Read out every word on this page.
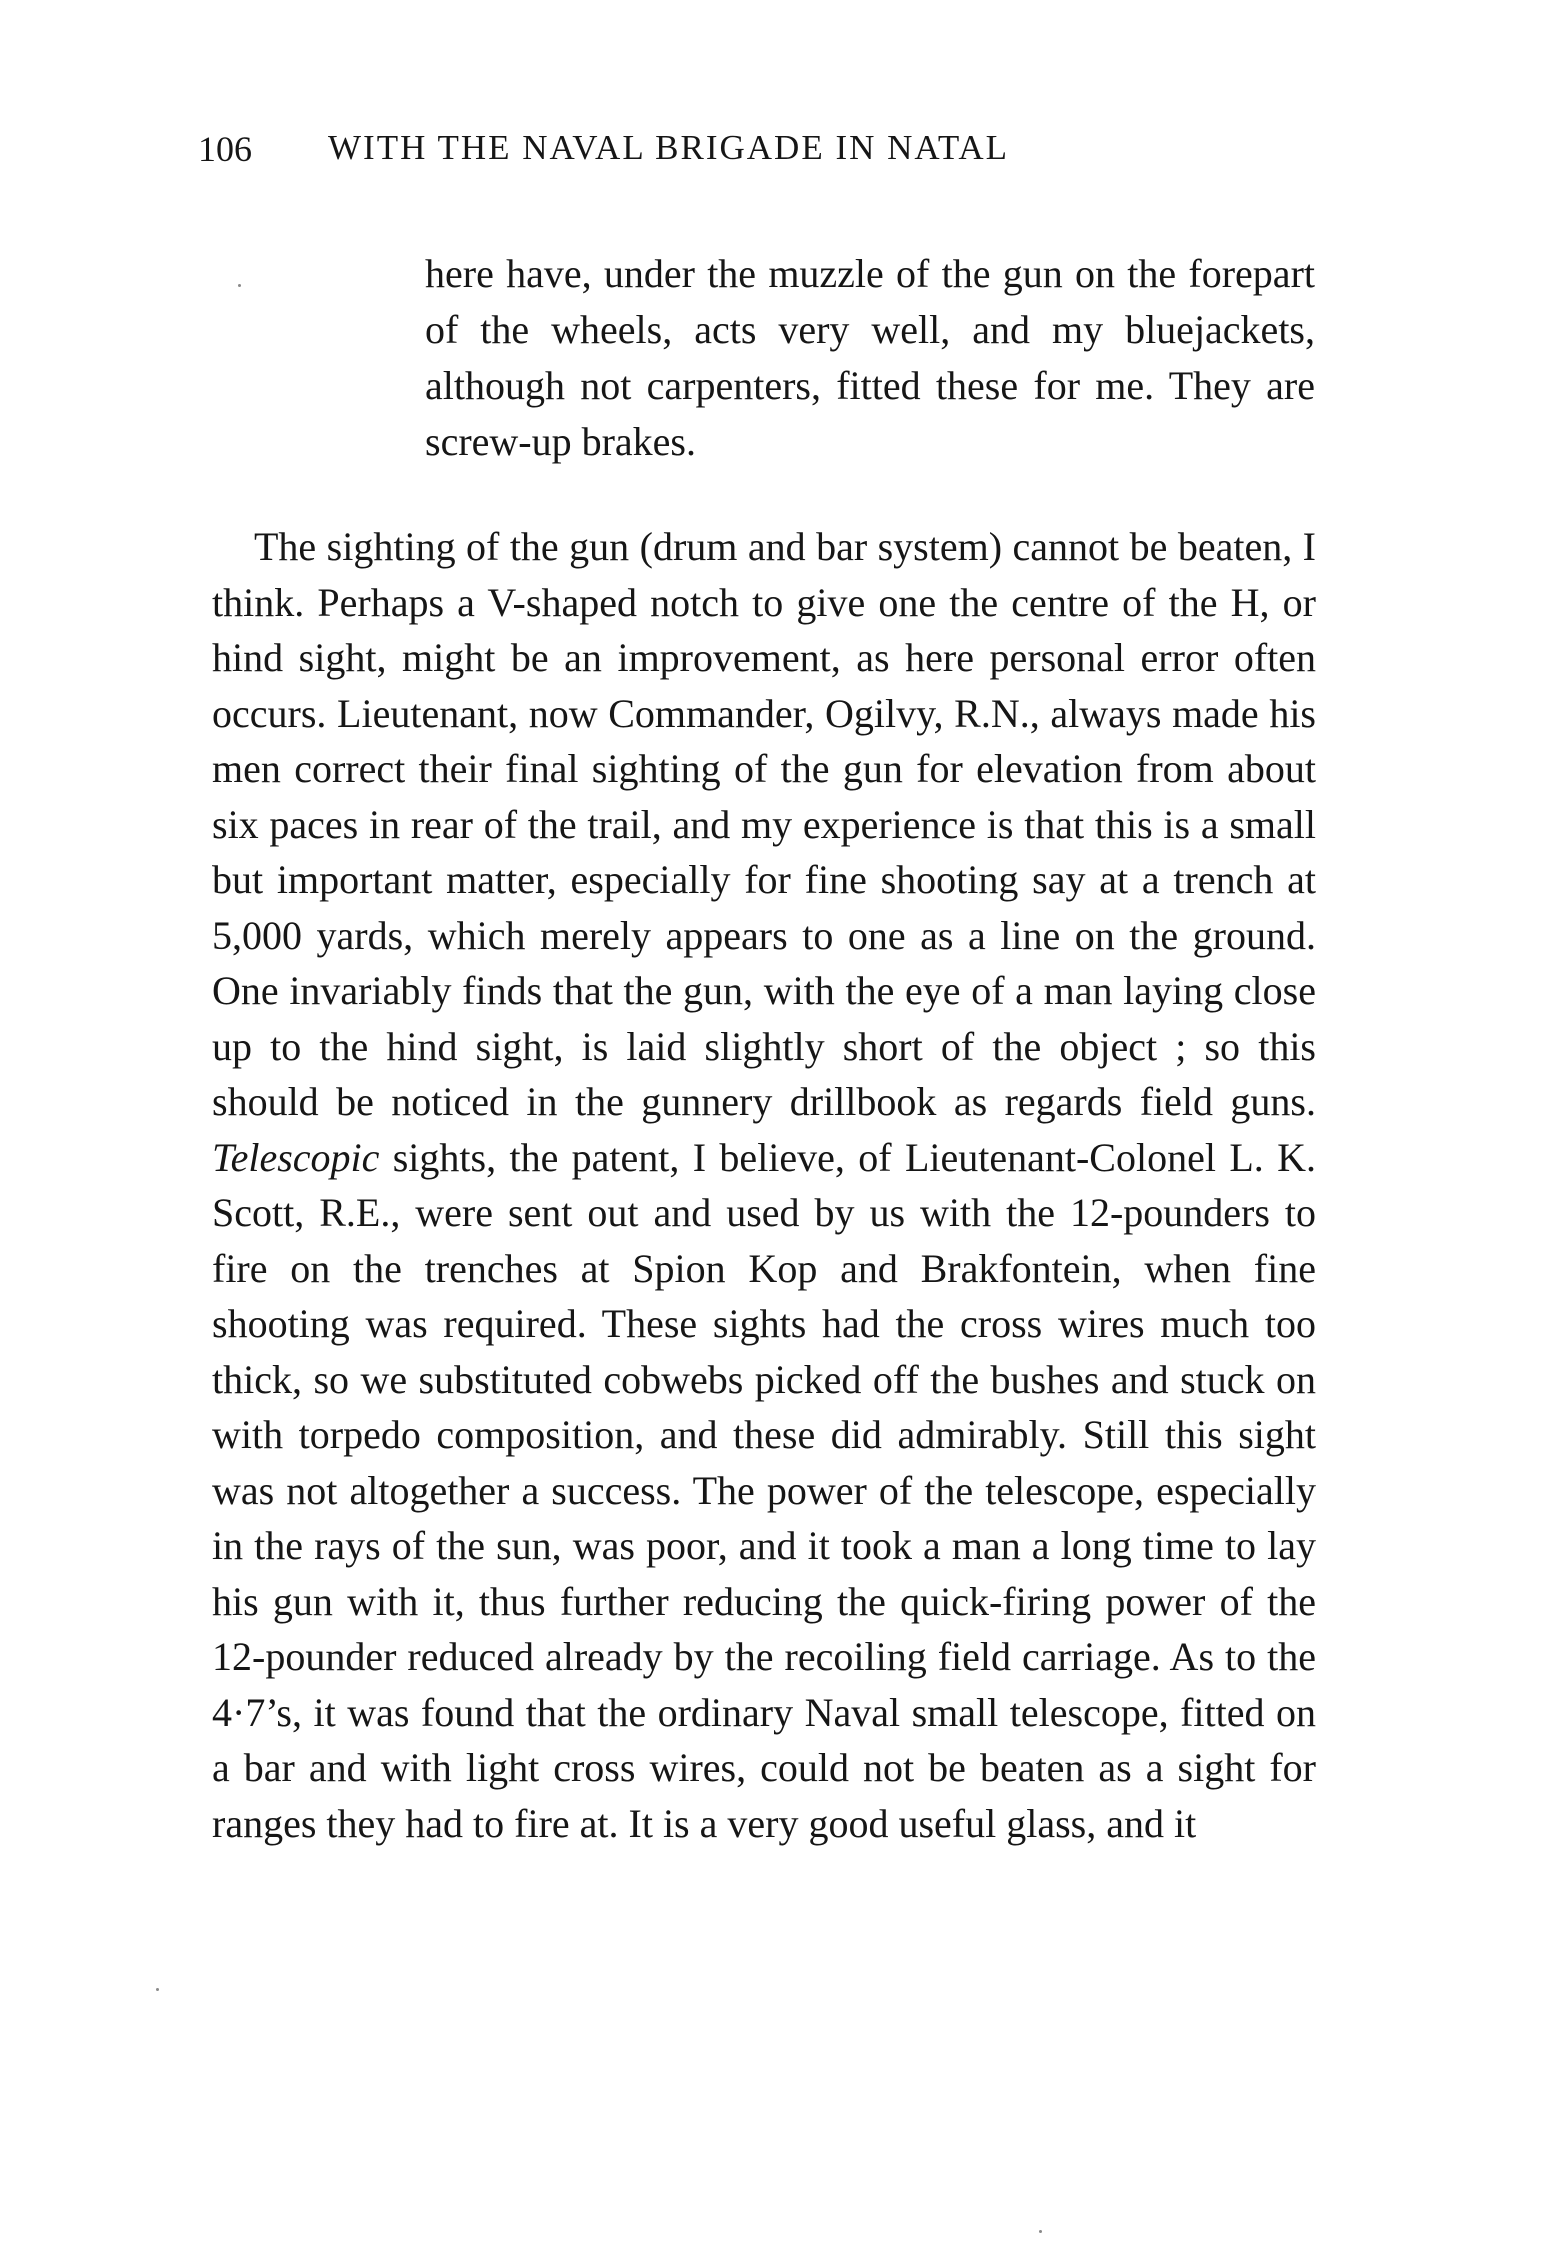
106 WITH THE NAVAL BRIGADE IN NATAL

here have, under the muzzle of the gun on the forepart of the wheels, acts very well, and my bluejackets, although not carpenters, fitted these for me. They are screw-up brakes.

The sighting of the gun (drum and bar system) cannot be beaten, I think. Perhaps a V-shaped notch to give one the centre of the H, or hind sight, might be an improvement, as here personal error often occurs. Lieutenant, now Commander, Ogilvy, R.N., always made his men correct their final sighting of the gun for elevation from about six paces in rear of the trail, and my experience is that this is a small but important matter, especially for fine shooting say at a trench at 5,000 yards, which merely appears to one as a line on the ground. One invariably finds that the gun, with the eye of a man laying close up to the hind sight, is laid slightly short of the object ; so this should be noticed in the gunnery drillbook as regards field guns. Telescopic sights, the patent, I believe, of Lieutenant-Colonel L. K. Scott, R.E., were sent out and used by us with the 12-pounders to fire on the trenches at Spion Kop and Brakfontein, when fine shooting was required. These sights had the cross wires much too thick, so we substituted cobwebs picked off the bushes and stuck on with torpedo composition, and these did admirably. Still this sight was not altogether a success. The power of the telescope, especially in the rays of the sun, was poor, and it took a man a long time to lay his gun with it, thus further reducing the quick-firing power of the 12-pounder reduced already by the recoiling field carriage. As to the 4·7’s, it was found that the ordinary Naval small telescope, fitted on a bar and with light cross wires, could not be beaten as a sight for ranges they had to fire at. It is a very good useful glass, and it
